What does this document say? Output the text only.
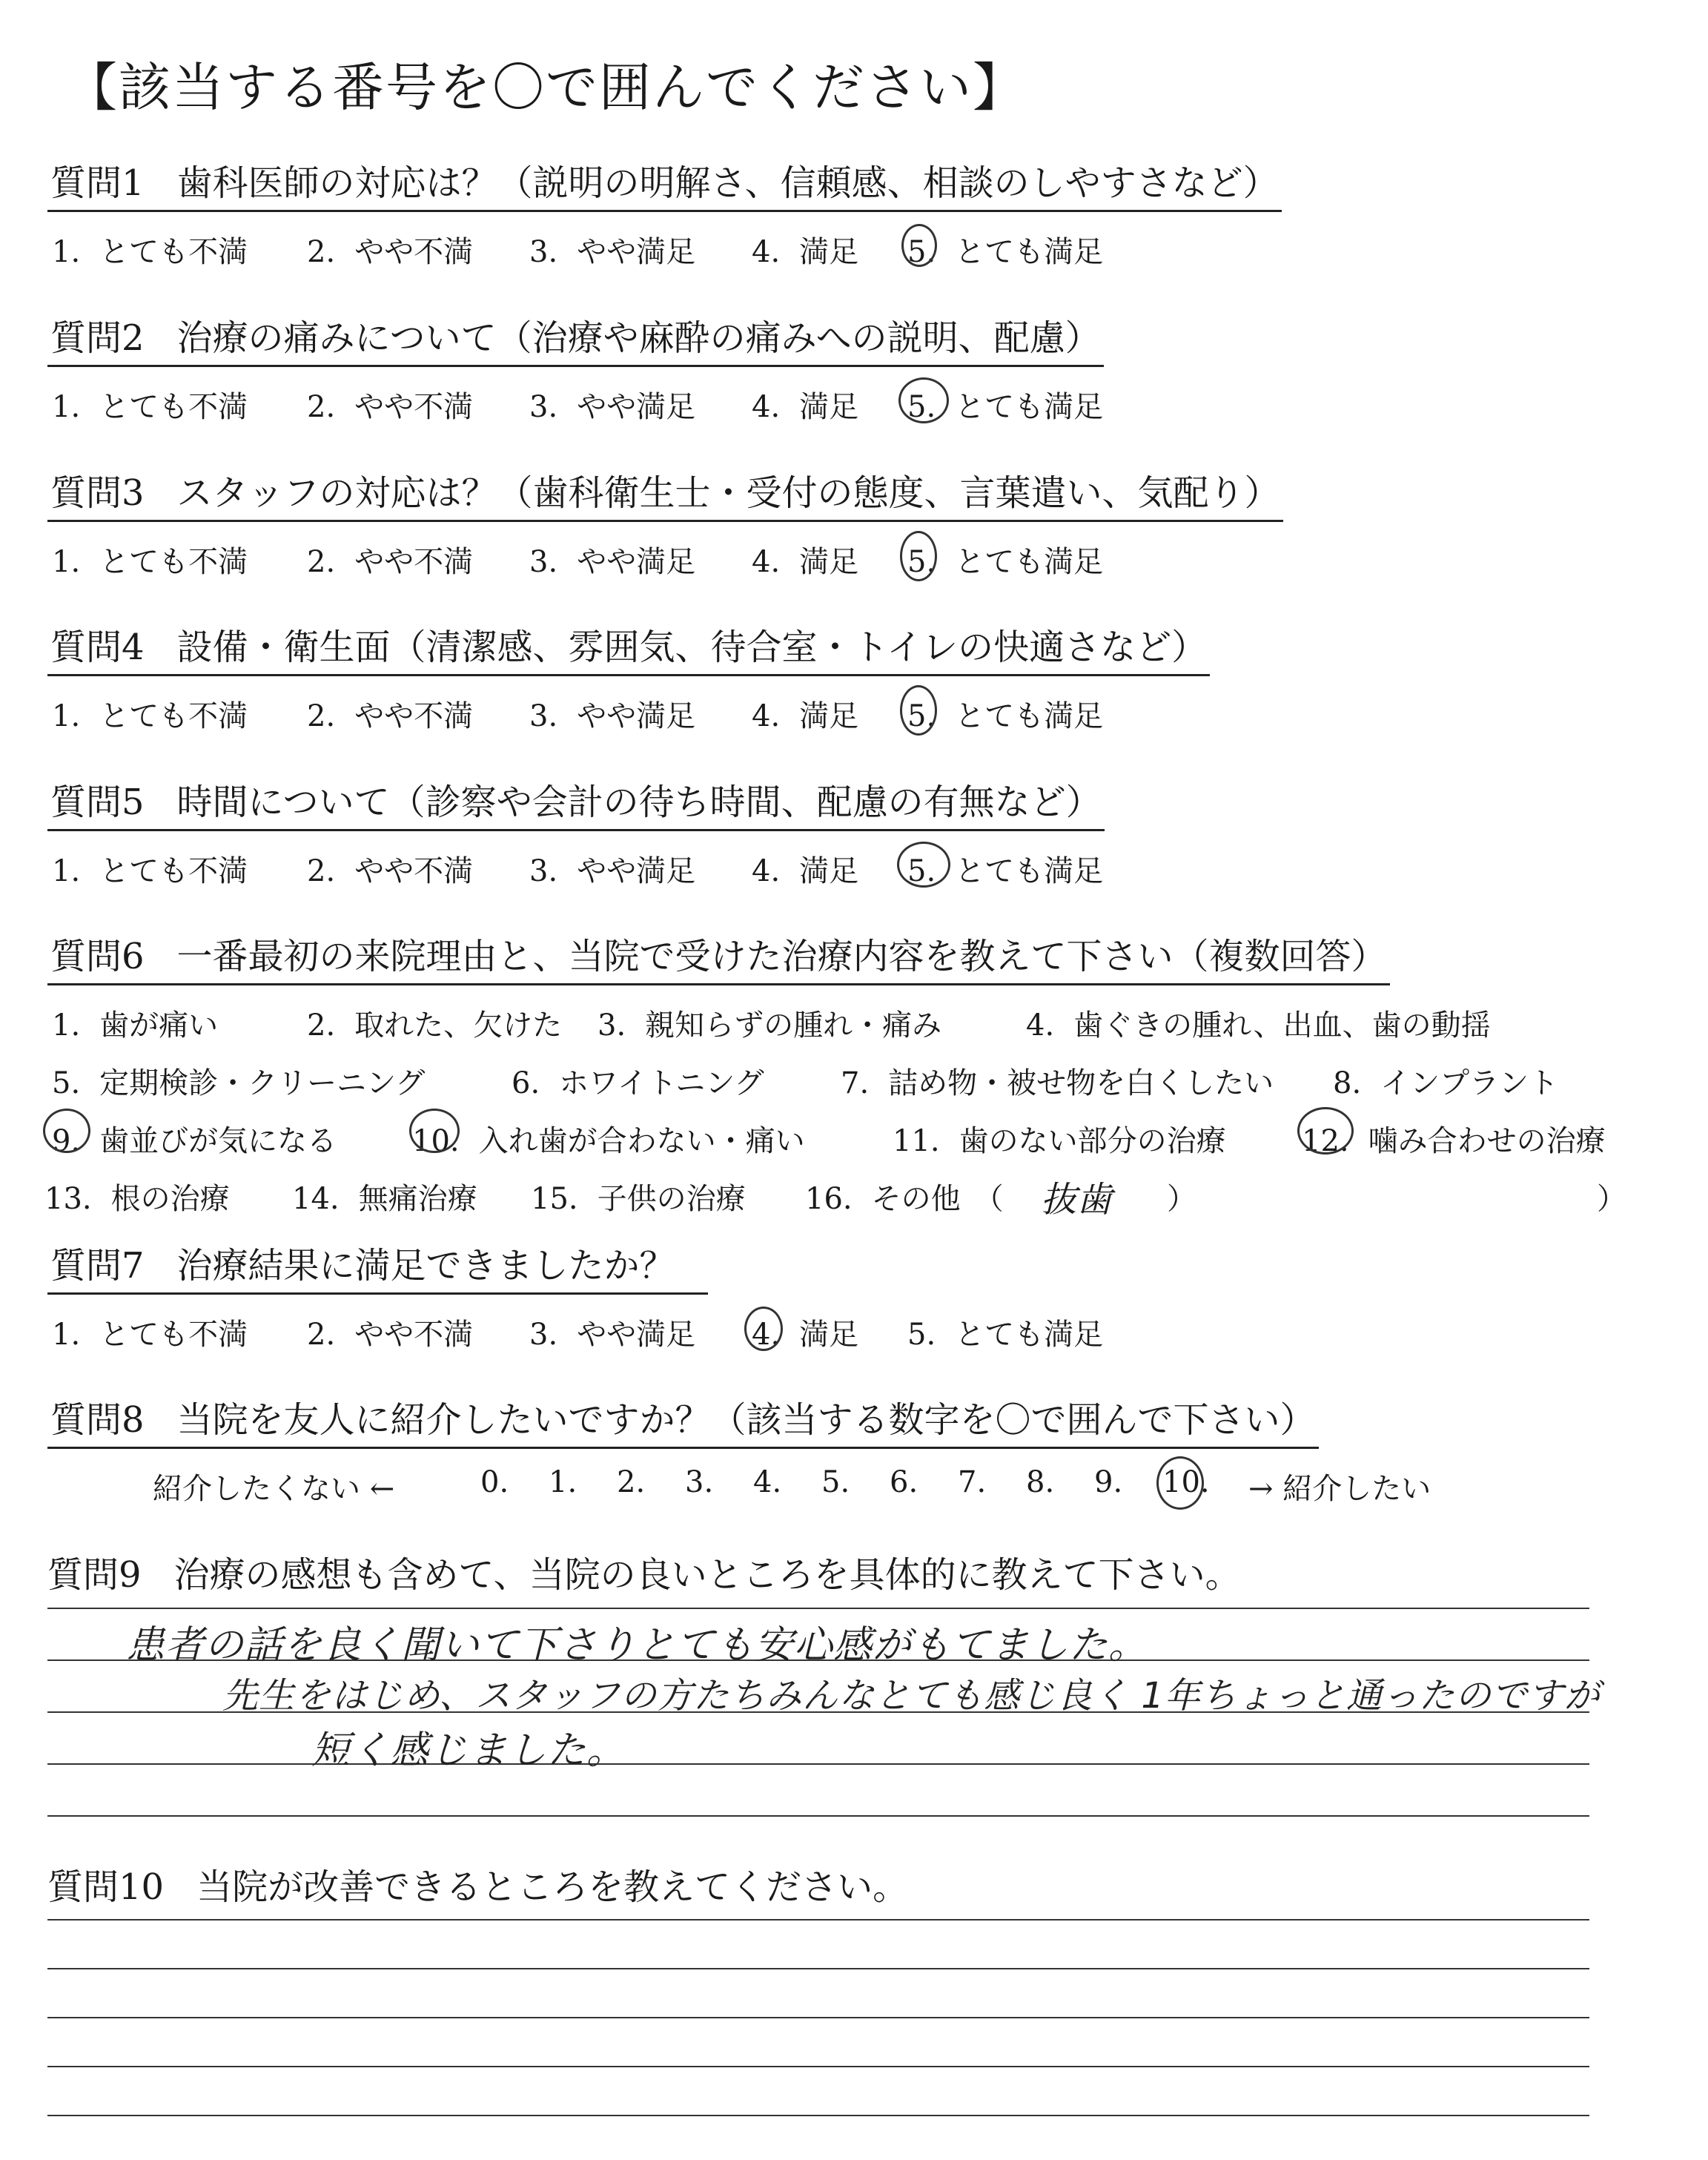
【該当する番号を〇で囲んでください】
質問1 歯科医師の対応は？（説明の明解さ、信頼感、相談のしやすさなど）
1. とても不満 2. やや不満 3. やや満足 4. 満足 5. とても満足
質問2 治療の痛みについて（治療や麻酔の痛みへの説明、配慮）
1. とても不満 2. やや不満 3. やや満足 4. 満足 5. とても満足
質問3 スタッフの対応は？（歯科衛生士・受付の態度、言葉遣い、気配り）
1. とても不満 2. やや不満 3. やや満足 4. 満足 5. とても満足
質問4 設備・衛生面（清潔感、雰囲気、待合室・トイレの快適さなど）
1. とても不満 2. やや不満 3. やや満足 4. 満足 5. とても満足
質問5 時間について（診察や会計の待ち時間、配慮の有無など）
1. とても不満 2. やや不満 3. やや満足 4. 満足 5. とても満足
質問6 一番最初の来院理由と、当院で受けた治療内容を教えて下さい（複数回答）
1. 歯が痛い	2. 取れた、欠けた 3. 親知らずの腫れ・痛み	4. 歯ぐきの腫れ、出血、歯の動揺
5. 定期検診・クリーニング	6. ホワイトニング	7. 詰め物・被せ物を白くしたい 8. インプラント
9. 歯並びが気になる	10. 入れ歯が合わない・痛い	11. 歯のない部分の治療	12. 噛み合わせの治療
13. 根の治療 14. 無痛治療 15. 子供の治療 16. その他 （ 抜歯 ）	）
質問7 治療結果に満足できましたか？
1. とても不満 2. やや不満 3. やや満足 4. 満足 5. とても満足
質問8 当院を友人に紹介したいですか？（該当する数字を〇で囲んで下さい）
紹介したくない ←	0. 1. 2. 3. 4. 5. 6. 7. 8. 9. 10. → 紹介したい
質問9 治療の感想も含めて、当院の良いところを具体的に教えて下さい。
患者の話を良く聞いて下さりとても安心感がもてました。
先生をはじめ、スタッフの方たちみんなとても感じ良く 1年ちょっと通ったのですが
短く感じました。
質問10 当院が改善できるところを教えてください。
